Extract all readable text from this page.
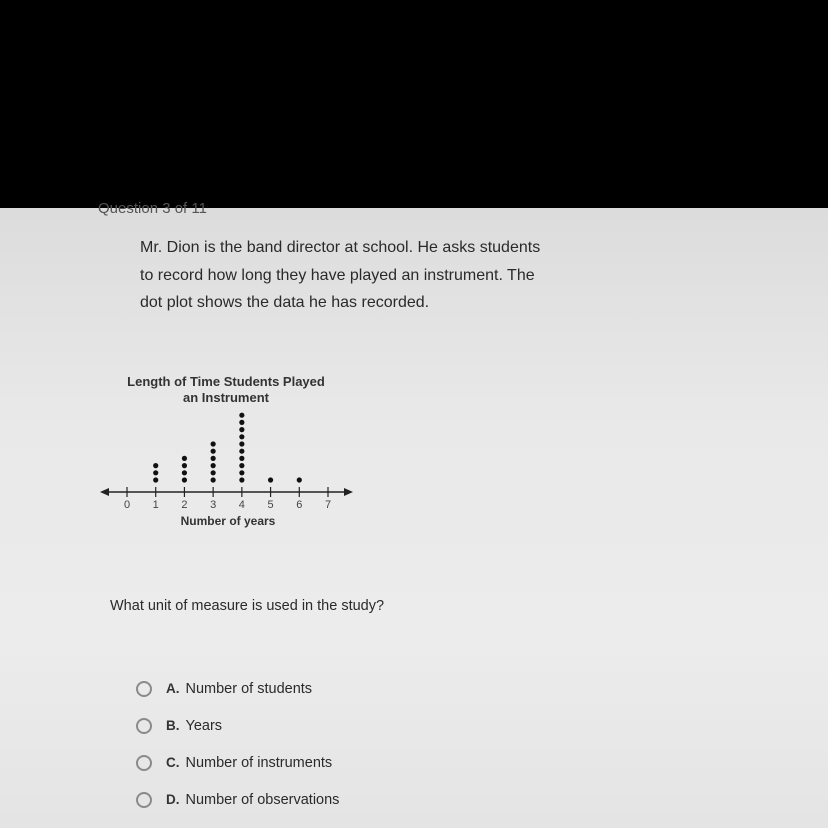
Question 3 of 11

Mr. Dion is the band director at school. He asks students
to record how long they have played an instrument. The
dot plot shows the data he has recorded.

Length of Time Students Played
an Instrument
0 1 2 3 4 5 6 7
Number of years
What unit of measure is used in the study?
A. Number of students
B. Years
C. Number of instruments
D. Number of observations
